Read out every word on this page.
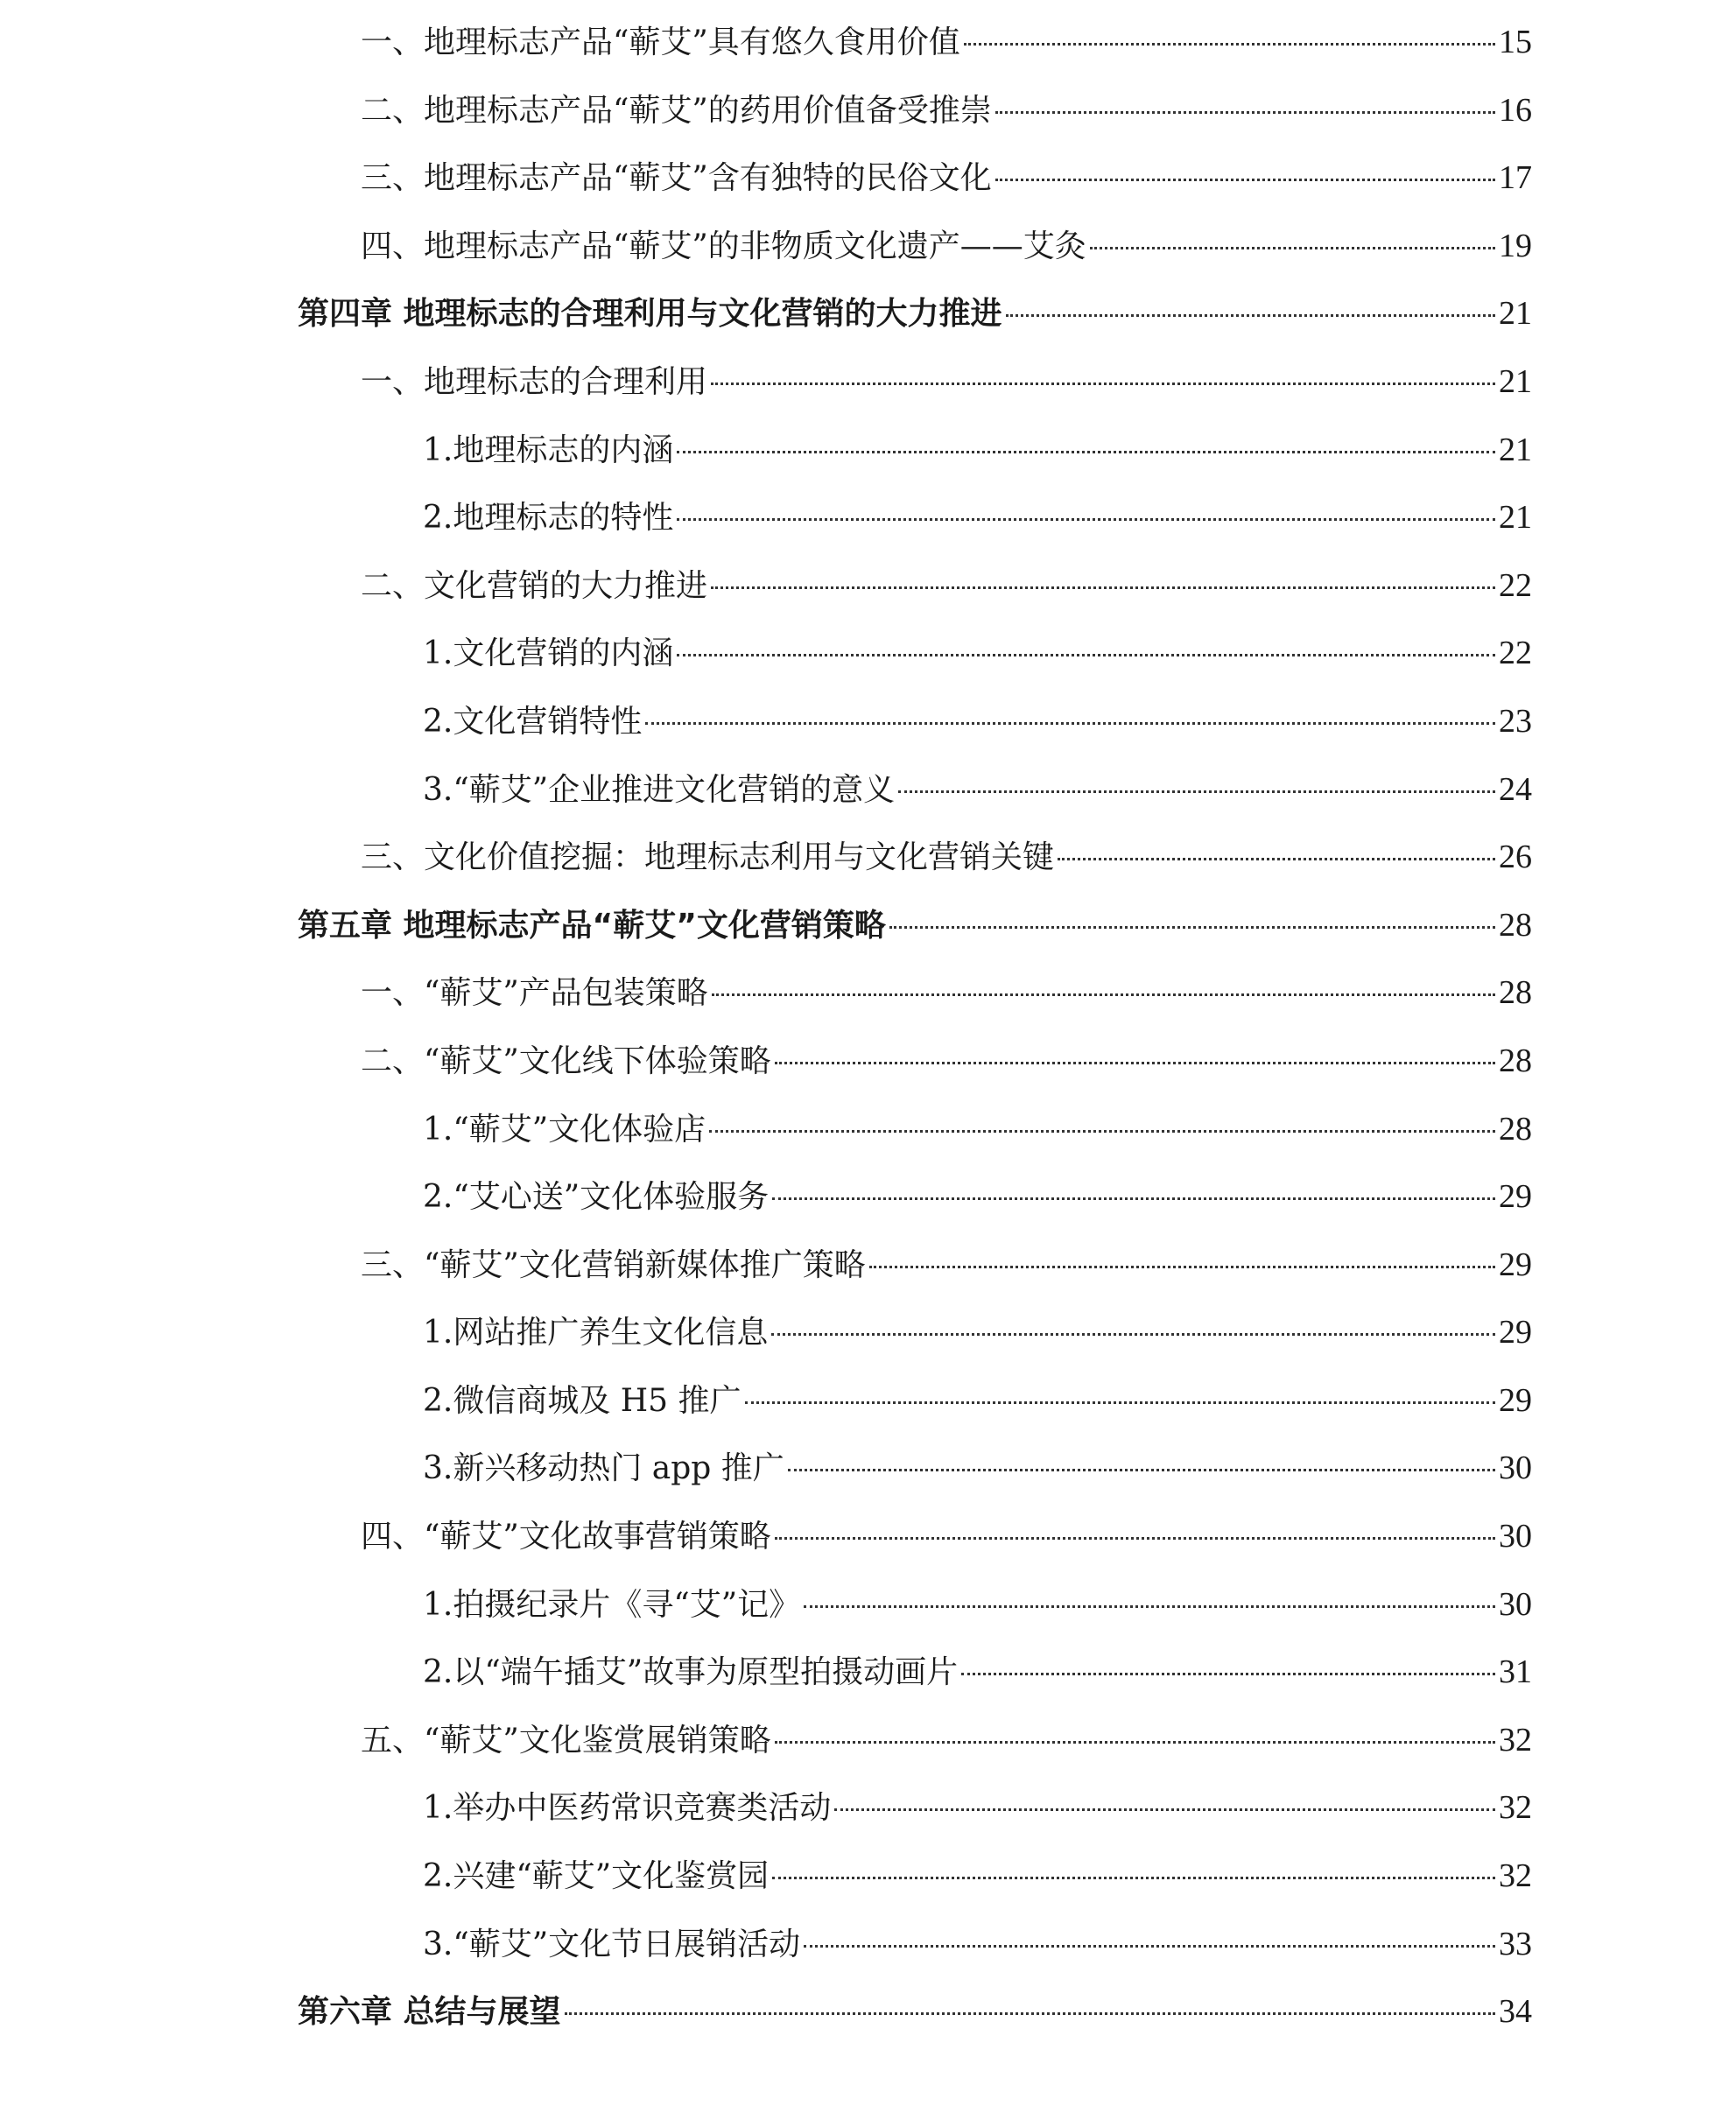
一、地理标志产品“蕲艾”具有悠久食用价值	15
二、地理标志产品“蕲艾”的药用价值备受推崇	16
三、地理标志产品“蕲艾”含有独特的民俗文化	17
四、地理标志产品“蕲艾”的非物质文化遗产——艾灸	19
第四章 地理标志的合理利用与文化营销的大力推进	21
一、地理标志的合理利用	21
1.地理标志的内涵	21
2.地理标志的特性	21
二、文化营销的大力推进	22
1.文化营销的内涵	22
2.文化营销特性	23
3.“蕲艾”企业推进文化营销的意义	24
三、文化价值挖掘：地理标志利用与文化营销关键	26
第五章 地理标志产品“蕲艾”文化营销策略	28
一、“蕲艾”产品包装策略	28
二、“蕲艾”文化线下体验策略	28
1.“蕲艾”文化体验店	28
2.“艾心送”文化体验服务	29
三、“蕲艾”文化营销新媒体推广策略	29
1.网站推广养生文化信息	29
2.微信商城及 H5 推广	29
3.新兴移动热门 app 推广	30
四、“蕲艾”文化故事营销策略	30
1.拍摄纪录片《寻“艾”记》	30
2.以“端午插艾”故事为原型拍摄动画片	31
五、“蕲艾”文化鉴赏展销策略	32
1.举办中医药常识竞赛类活动	32
2.兴建“蕲艾”文化鉴赏园	32
3.“蕲艾”文化节日展销活动	33
第六章 总结与展望	34
